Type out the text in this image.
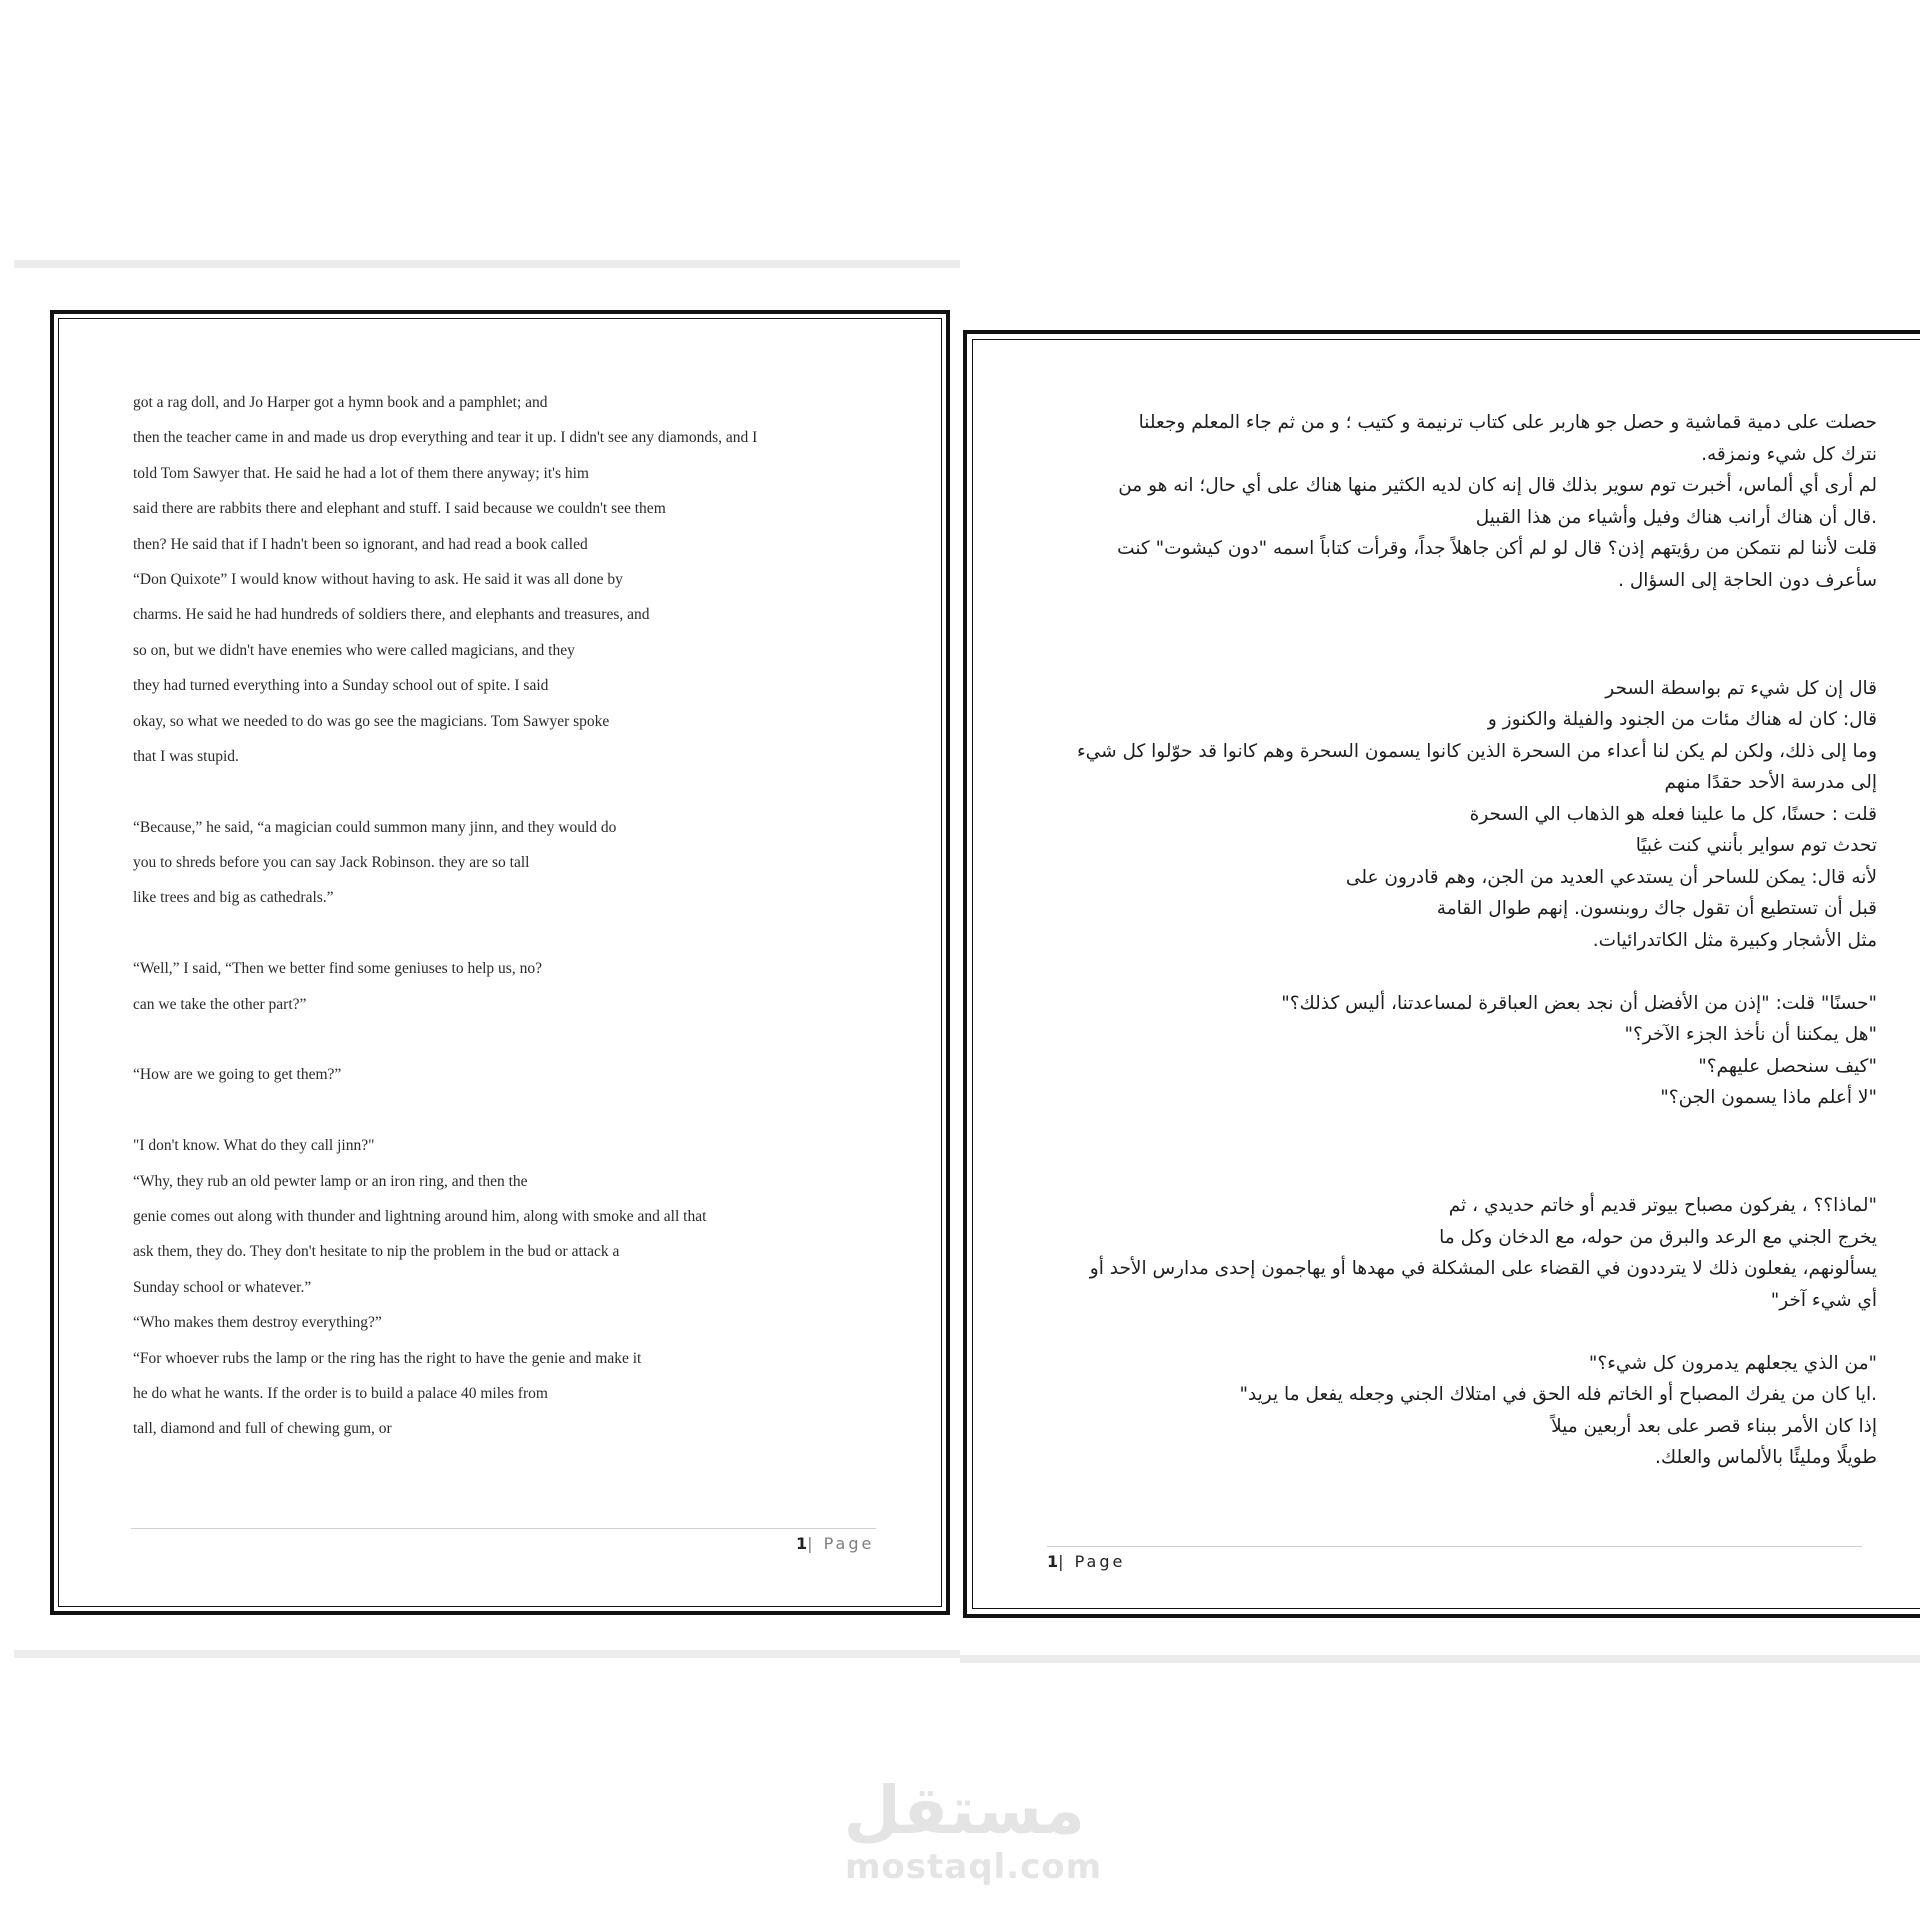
got a rag doll, and Jo Harper got a hymn book and a pamphlet; and
then the teacher came in and made us drop everything and tear it up. I didn't see any diamonds, and I
told Tom Sawyer that. He said he had a lot of them there anyway; it's him
said there are rabbits there and elephant and stuff. I said because we couldn't see them
then? He said that if I hadn't been so ignorant, and had read a book called
“Don Quixote” I would know without having to ask. He said it was all done by
charms. He said he had hundreds of soldiers there, and elephants and treasures, and
so on, but we didn't have enemies who were called magicians, and they
they had turned everything into a Sunday school out of spite. I said
okay, so what we needed to do was go see the magicians. Tom Sawyer spoke
that I was stupid.
“Because,” he said, “a magician could summon many jinn, and they would do
you to shreds before you can say Jack Robinson. they are so tall
like trees and big as cathedrals.”
“Well,” I said, “Then we better find some geniuses to help us, no?
can we take the other part?”
“How are we going to get them?”
"I don't know. What do they call jinn?"
“Why, they rub an old pewter lamp or an iron ring, and then the
genie comes out along with thunder and lightning around him, along with smoke and all that
ask them, they do. They don't hesitate to nip the problem in the bud or attack a
Sunday school or whatever.”
“Who makes them destroy everything?”
“For whoever rubs the lamp or the ring has the right to have the genie and make it
he do what he wants. If the order is to build a palace 40 miles from
tall, diamond and full of chewing gum, or
1| Page
حصلت على دمية قماشية و حصل جو هاربر على كتاب ترنيمة و كتيب ؛ و من ثم جاء المعلم وجعلنا
نترك كل شيء ونمزقه.
لم أرى أي ألماس، أخبرت توم سوير بذلك قال إنه كان لديه الكثير منها هناك على أي حال؛ انه هو من
.قال أن هناك أرانب هناك وفيل وأشياء من هذا القبيل
قلت لأننا لم نتمكن من رؤيتهم إذن؟ قال لو لم أكن جاهلاً جداً، وقرأت كتاباً اسمه "دون كيشوت" كنت
سأعرف دون الحاجة إلى السؤال .
قال إن كل شيء تم بواسطة السحر
قال: كان له هناك مئات من الجنود والفيلة والكنوز و
وما إلى ذلك، ولكن لم يكن لنا أعداء من السحرة الذين كانوا يسمون السحرة وهم كانوا قد حوّلوا كل شيء
إلى مدرسة الأحد حقدًا منهم
قلت : حسنًا، كل ما علينا فعله هو الذهاب الي السحرة
تحدث توم سواير بأنني كنت غبيًا
لأنه قال: يمكن للساحر أن يستدعي العديد من الجن، وهم قادرون على
قبل أن تستطيع أن تقول جاك روبنسون. إنهم طوال القامة
مثل الأشجار وكبيرة مثل الكاتدرائيات.
"حسنًا" قلت: "إذن من الأفضل أن نجد بعض العباقرة لمساعدتنا، أليس كذلك؟"
"هل يمكننا أن نأخذ الجزء الآخر؟"
"كيف سنحصل عليهم؟"
"لا أعلم ماذا يسمون الجن؟"
"لماذا؟؟ ، يفركون مصباح بيوتر قديم أو خاتم حديدي ، ثم
يخرج الجني مع الرعد والبرق من حوله، مع الدخان وكل ما
يسألونهم، يفعلون ذلك لا يترددون في القضاء على المشكلة في مهدها أو يهاجمون إحدى مدارس الأحد أو
أي شيء آخر"
"من الذي يجعلهم يدمرون كل شيء؟"
.ايا كان من يفرك المصباح أو الخاتم فله الحق في امتلاك الجني وجعله يفعل ما يريد"
إذا كان الأمر ببناء قصر على بعد أربعين ميلاً
طويلًا ومليئًا بالألماس والعلك.
1| Page
مستقل
mostaql.com
